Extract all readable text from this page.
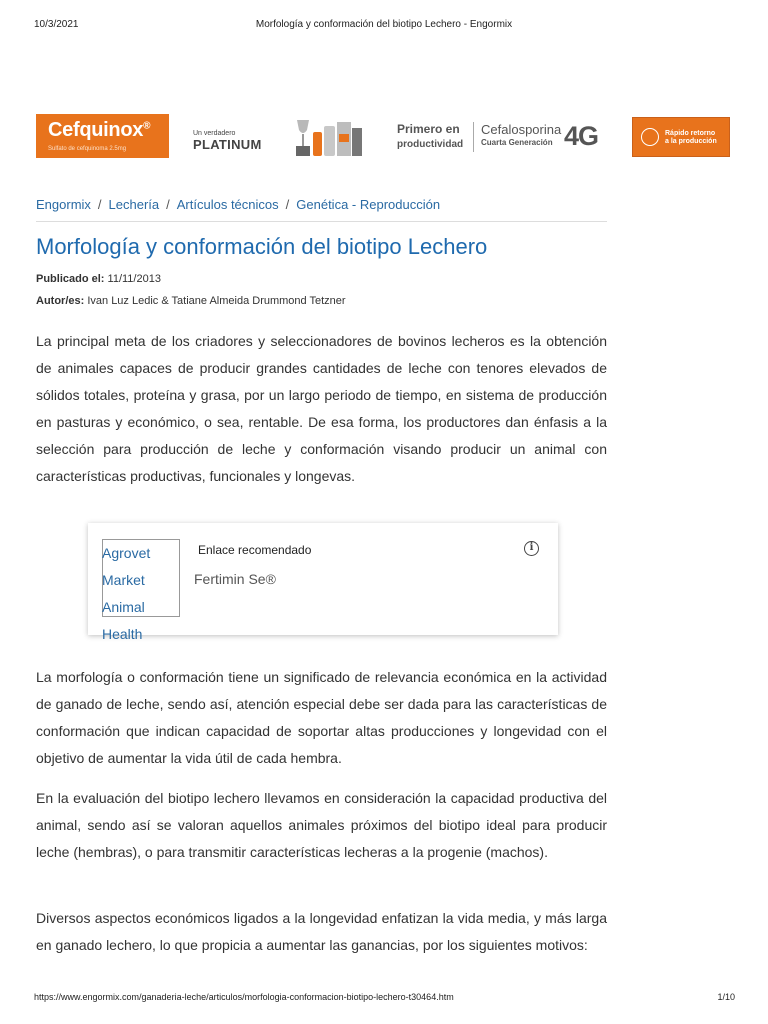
10/3/2021	Morfología y conformación del biotipo Lechero - Engormix
Cefquinox®
Sulfato de cefquinoma 2.5mg
Un verdadero
PLATINUM
Primero en
productividad
Cefalosporina
Cuarta Generación 4G	Rápido retorno
a la producción
Engormix / Lechería / Artículos técnicos / Genética - Reproducción
Morfología y conformación del biotipo Lechero
Publicado el: 11/11/2013
Autor/es: Ivan Luz Ledic & Tatiane Almeida Drummond Tetzner

La principal meta de los criadores y seleccionadores de bovinos lecheros es la obtención de animales capaces de producir grandes cantidades de leche con tenores elevados de sólidos totales, proteína y grasa, por un largo periodo de tiempo, en sistema de producción en pasturas y económico, o sea, rentable. De esa forma, los productores dan énfasis a la selección para producción de leche y conformación visando producir un animal con características productivas, funcionales y longevas.

Agrovet Market Animal Health
Enlace recomendado
Fertimin Se®
i

La morfología o conformación tiene un significado de relevancia económica en la actividad de ganado de leche, sendo así, atención especial debe ser dada para las características de conformación que indican capacidad de soportar altas producciones y longevidad con el objetivo de aumentar la vida útil de cada hembra.

En la evaluación del biotipo lechero llevamos en consideración la capacidad productiva del animal, sendo así se valoran aquellos animales próximos del biotipo ideal para producir leche (hembras), o para transmitir características lecheras a la progenie (machos).

Diversos aspectos económicos ligados a la longevidad enfatizan la vida media, y más larga en ganado lechero, lo que propicia a aumentar las ganancias, por los siguientes motivos:

https://www.engormix.com/ganaderia-leche/articulos/morfologia-conformacion-biotipo-lechero-t30464.htm	1/10
